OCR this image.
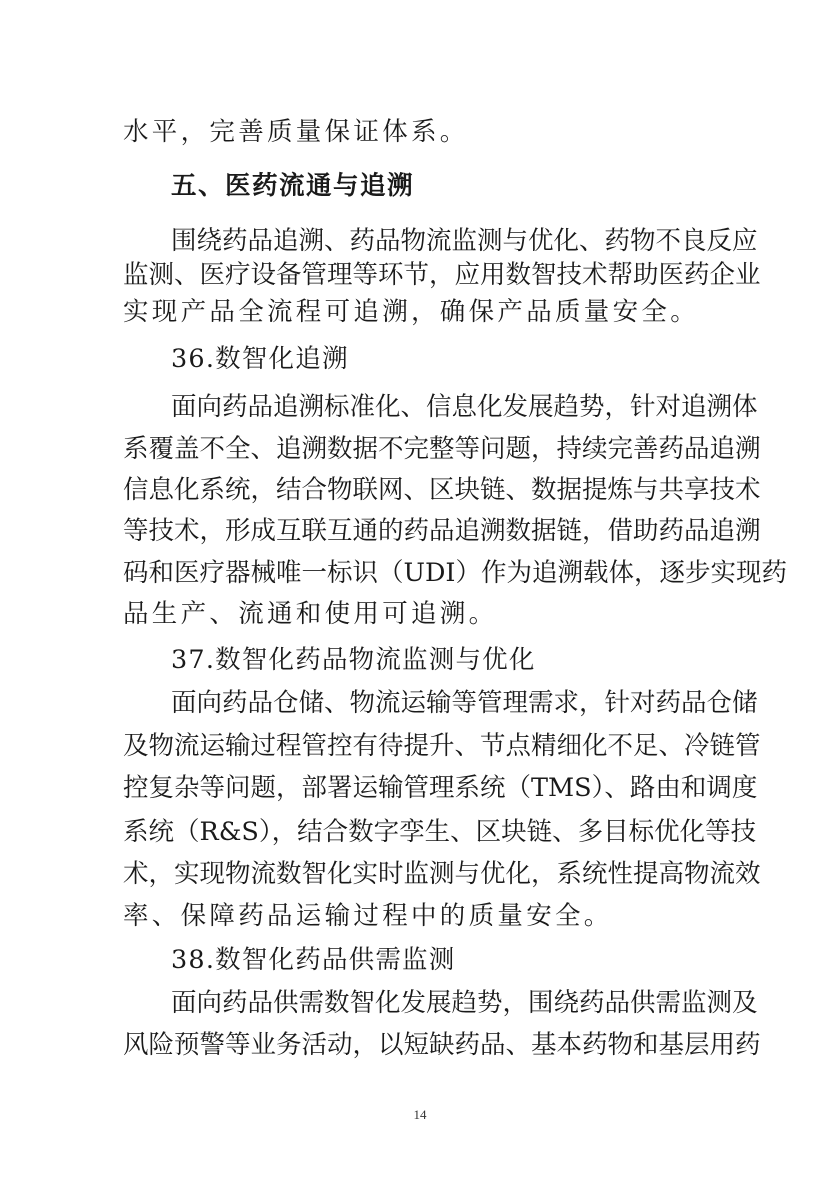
水平，完善质量保证体系。
五、医药流通与追溯
围绕药品追溯、药品物流监测与优化、药物不良反应
监测、医疗设备管理等环节，应用数智技术帮助医药企业
实现产品全流程可追溯，确保产品质量安全。
36.数智化追溯
面向药品追溯标准化、信息化发展趋势，针对追溯体
系覆盖不全、追溯数据不完整等问题，持续完善药品追溯
信息化系统，结合物联网、区块链、数据提炼与共享技术
等技术，形成互联互通的药品追溯数据链，借助药品追溯
码和医疗器械唯一标识（UDI）作为追溯载体，逐步实现药
品生产、流通和使用可追溯。
37.数智化药品物流监测与优化
面向药品仓储、物流运输等管理需求，针对药品仓储
及物流运输过程管控有待提升、节点精细化不足、冷链管
控复杂等问题，部署运输管理系统（TMS）、路由和调度
系统（R&S），结合数字孪生、区块链、多目标优化等技
术，实现物流数智化实时监测与优化，系统性提高物流效
率、保障药品运输过程中的质量安全。
38.数智化药品供需监测
面向药品供需数智化发展趋势，围绕药品供需监测及
风险预警等业务活动，以短缺药品、基本药物和基层用药
14
